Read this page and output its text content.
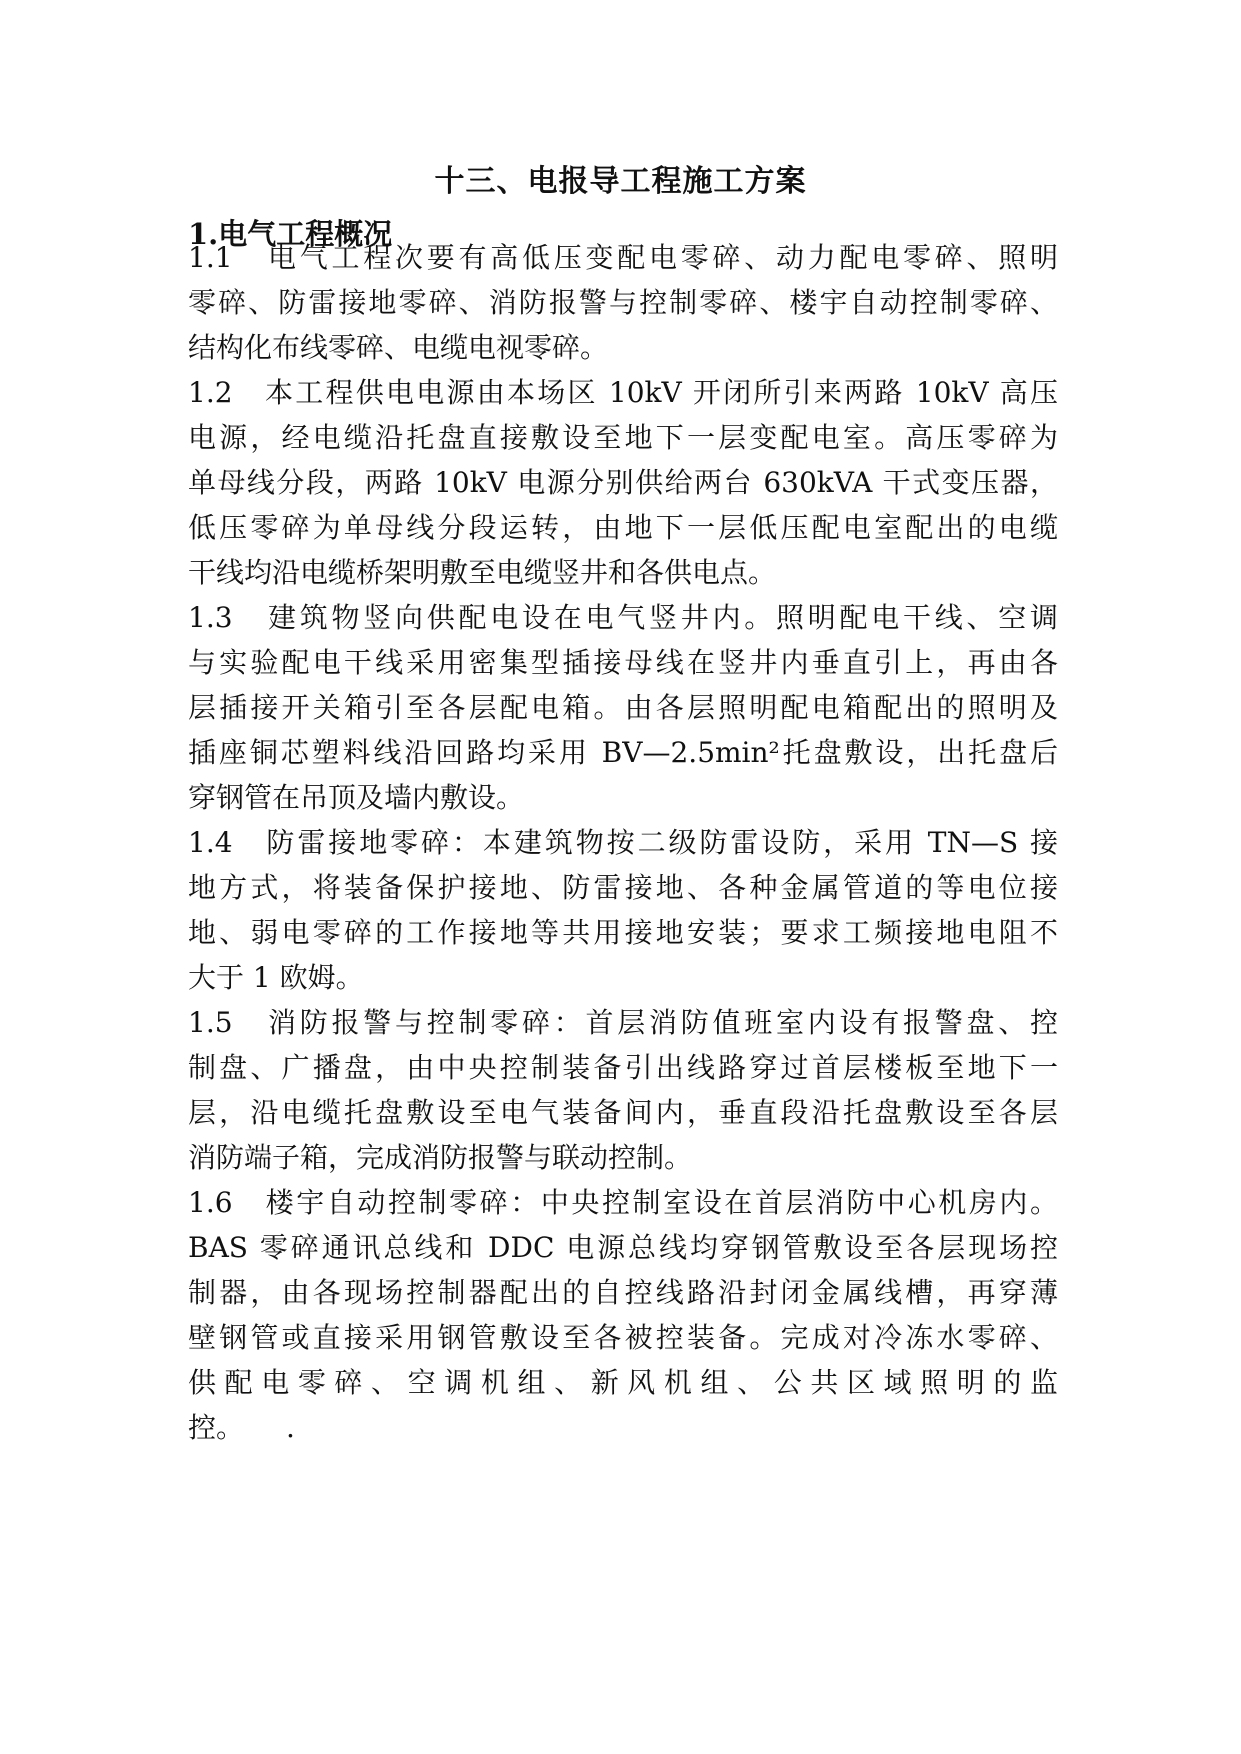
十三、电报导工程施工方案
1.电气工程概况
1.1　电气工程次要有高低压变配电零碎、动力配电零碎、照明
零碎、防雷接地零碎、消防报警与控制零碎、楼宇自动控制零碎、
结构化布线零碎、电缆电视零碎。
1.2　本工程供电电源由本场区 10kV 开闭所引来两路 10kV 高压
电源，经电缆沿托盘直接敷设至地下一层变配电室。高压零碎为
单母线分段，两路 10kV 电源分别供给两台 630kVA 干式变压器，
低压零碎为单母线分段运转，由地下一层低压配电室配出的电缆
干线均沿电缆桥架明敷至电缆竖井和各供电点。
1.3　建筑物竖向供配电设在电气竖井内。照明配电干线、空调
与实验配电干线采用密集型插接母线在竖井内垂直引上，再由各
层插接开关箱引至各层配电箱。由各层照明配电箱配出的照明及
插座铜芯塑料线沿回路均采用 BV—2.5min²托盘敷设，出托盘后
穿钢管在吊顶及墙内敷设。
1.4　防雷接地零碎：本建筑物按二级防雷设防，采用 TN—S 接
地方式，将装备保护接地、防雷接地、各种金属管道的等电位接
地、弱电零碎的工作接地等共用接地安装；要求工频接地电阻不
大于 1 欧姆。
1.5　消防报警与控制零碎：首层消防值班室内设有报警盘、控
制盘、广播盘，由中央控制装备引出线路穿过首层楼板至地下一
层，沿电缆托盘敷设至电气装备间内，垂直段沿托盘敷设至各层
消防端子箱，完成消防报警与联动控制。
1.6　楼宇自动控制零碎：中央控制室设在首层消防中心机房内。
BAS 零碎通讯总线和 DDC 电源总线均穿钢管敷设至各层现场控
制器，由各现场控制器配出的自控线路沿封闭金属线槽，再穿薄
壁钢管或直接采用钢管敷设至各被控装备。完成对冷冻水零碎、
供配电零碎、空调机组、新风机组、公共区域照明的监
控。　　.
